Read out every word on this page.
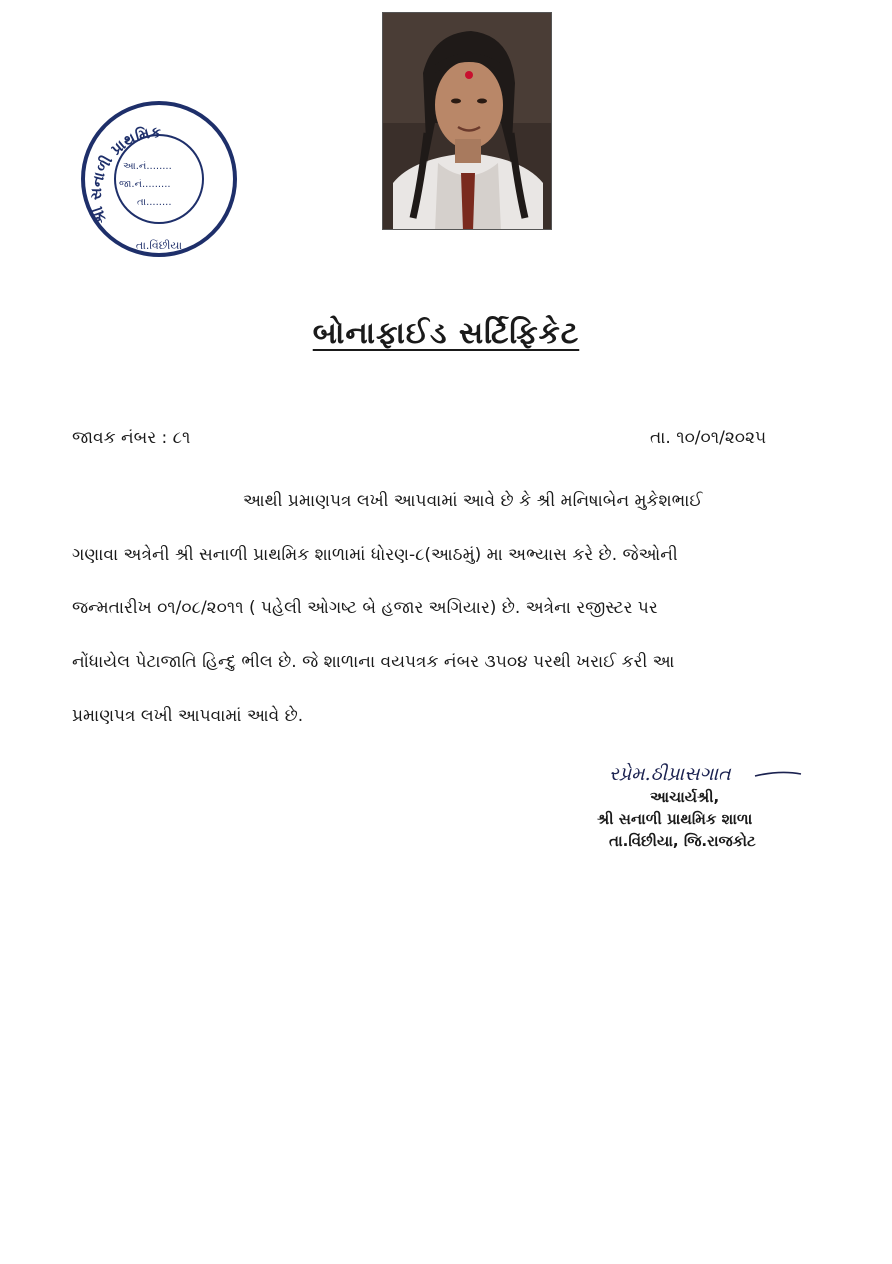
શ્રી સનાળી પ્રાથમિક
તા.વિંછીયા
આ.નં........
જા.નં.........
તા........
બોનાફાઈડ સર્ટિફિકેટ
જાવક નંબર : ૮૧	તા. ૧૦/૦૧/૨૦૨૫
આથી પ્રમાણપત્ર લખી આપવામાં આવે છે કે શ્રી મનિષાબેન મુકેશભાઈ
ગણાવા અત્રેની શ્રી સનાળી પ્રાથમિક શાળામાં ધોરણ-૮(આઠમું) મા અભ્યાસ કરે છે. જેઓની
જન્મતારીખ ૦૧/૦૮/૨૦૧૧ ( પહેલી ઓગષ્ટ બે હજાર અગિયાર) છે. અત્રેના રજીસ્ટર પર
નોંધાયેલ પેટાજાતિ હિન્દુ ભીલ છે. જે શાળાના વયપત્રક નંબર ૩૫૦૪ પરથી ખરાઈ કરી આ
પ્રમાણપત્ર લખી આપવામાં આવે છે.
રપ્રેમ.ઠીપ્રાસગાત
આચાર્યશ્રી,
શ્રી સનાળી પ્રાથમિક શાળા
તા.વિંછીયા, જિ.રાજકોટ
